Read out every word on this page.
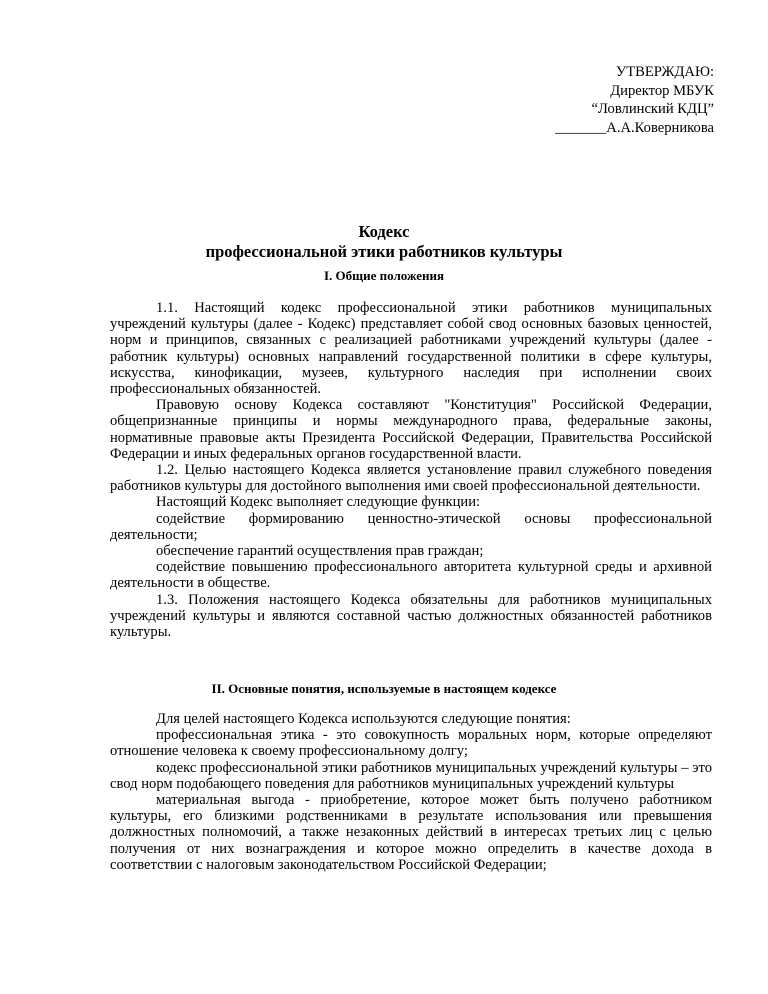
УТВЕРЖДАЮ:
Директор МБУК
“Ловлинский КДЦ”
_______А.А.Коверникова
Кодекс
профессиональной этики работников культуры
I. Общие положения

1.1. Настоящий кодекс профессиональной этики работников муниципальных учреждений культуры (далее - Кодекс) представляет собой свод основных базовых ценностей, норм и принципов, связанных с реализацией работниками учреждений культуры (далее - работник культуры) основных направлений государственной политики в сфере культуры, искусства, кинофикации, музеев, культурного наследия при исполнении своих профессиональных обязанностей.

Правовую основу Кодекса составляют "Конституция" Российской Федерации, общепризнанные принципы и нормы международного права, федеральные законы, нормативные правовые акты Президента Российской Федерации, Правительства Российской Федерации и иных федеральных органов государственной власти.

1.2. Целью настоящего Кодекса является установление правил служебного поведения работников культуры для достойного выполнения ими своей профессиональной деятельности.

Настоящий Кодекс выполняет следующие функции:

содействие формированию ценностно-этической основы профессиональной деятельности;

обеспечение гарантий осуществления прав граждан;

содействие повышению профессионального авторитета культурной среды и архивной деятельности в обществе.

1.3. Положения настоящего Кодекса обязательны для работников муниципальных учреждений культуры и являются составной частью должностных обязанностей работников культуры.

II. Основные понятия, используемые в настоящем кодексе

Для целей настоящего Кодекса используются следующие понятия:

профессиональная этика - это совокупность моральных норм, которые определяют отношение человека к своему профессиональному долгу;

кодекс профессиональной этики работников муниципальных учреждений культуры – это свод норм подобающего поведения для работников муниципальных учреждений культуры

материальная выгода - приобретение, которое может быть получено работником культуры, его близкими родственниками в результате использования или превышения должностных полномочий, а также незаконных действий в интересах третьих лиц с целью получения от них вознаграждения и которое можно определить в качестве дохода в соответствии с налоговым законодательством Российской Федерации;
